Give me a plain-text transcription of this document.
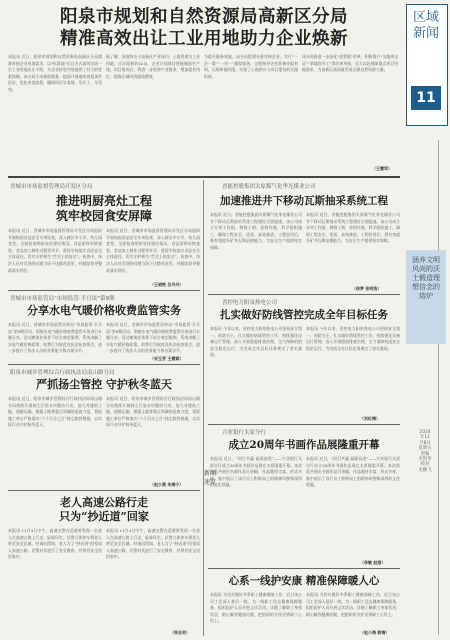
阳泉市规划和自然资源局高新区分局
精准高效出让工业用地助力企业焕新
本报讯 近日，阳泉市规划和自然资源局高新区分局精准对接企业用地需求，以“标准地”出让方式高效完成一宗工业用地出让手续，为企业转型升级提供了有力的要素保障。该分局主动靠前服务，提前开展地块规划条件论证，优化审批流程，确保项目早落地、早开工、早见效。
据了解，该地块位于高新区产业园内，土地用途为工业用地，出让面积约42亩，企业计划建设智能制造生产线。项目建成后，将进一步延伸产业链条，增加就业岗位，助推区域经济提质增效。
为提升服务效能，该分局组建专班对接企业，实行“一企一策”“一对一”跟踪服务，全程指导企业准备申报材料，压缩审批时限，实现了土地供应与项目建设的无缝衔接。
该分局将进一步深化“放管服”改革，积极推行“交地即交证”“拿地即开工”等改革举措，全力以赴保障重点项目用地需求，为高新区高质量发展贡献自然资源力量。
（王慧军）
晋城市市场监督管理局开发区分局
推进明厨亮灶工程
筑牢校园食安屏障
本报讯 近日，晋城市市场监督管理局开发区分局组织开展校园食品安全专项检查，深入辖区中小学、幼儿园食堂，全面检查明厨亮灶建设情况、食品原料采购查验、食品加工制作过程等环节，督促学校落实食品安全主体责任，切实守护师生“舌尖上的安全”。检查中，执法人员对发现的问题当场下达整改意见，并跟踪督导整改落实到位。
本报讯 近日，晋城市市场监督管理局开发区分局组织开展校园食品安全专项检查，深入辖区中小学、幼儿园食堂，全面检查明厨亮灶建设情况、食品原料采购查验、食品加工制作过程等环节，督促学校落实食品安全主体责任，切实守护师生“舌尖上的安全”。检查中，执法人员对发现的问题当场下达整改意见，并跟踪督导整改落实到位。
（王晓艳 吕丹丹）
晋城市市场监管局“市场监管·半月谈”第9期
分享水电气暖价格收费监管实务
本报讯 近日，晋城市市场监管局举办“市场监管·半月谈”第9期活动，围绕水电气暖价格收费监管实务进行专题分享。活动邀请业务骨干结合典型案例，系统讲解了水电气暖价格政策、收费行为规范及执法检查要点，进一步提升了执法人员的业务能力和办案水平。
本报讯 近日，晋城市市场监管局举办“市场监管·半月谈”第9期活动，围绕水电气暖价格收费监管实务进行专题分享。活动邀请业务骨干结合典型案例，系统讲解了水电气暖价格政策、收费行为规范及执法检查要点，进一步提升了执法人员的业务能力和办案水平。
（宋玉芳 王德斌）
阳泉市城乡管理综合行政执法局南山路分局
严抓扬尘管控 守护秋冬蓝天
本报讯 近日，阳泉市城乡管理综合行政执法局南山路分局持续开展扬尘污染专项整治行动，加大对建筑工地、道路运输、裸露土地等重点领域的巡查力度，督促施工单位严格落实“六个百分之百”扬尘防控措施，以实际行动守护秋冬蓝天。
本报讯 近日，阳泉市城乡管理综合行政执法局南山路分局持续开展扬尘污染专项整治行动，加大对建筑工地、道路运输、裸露土地等重点领域的巡查力度，督促施工单位严格落实“六个百分之百”扬尘防控措施，以实际行动守护秋冬蓝天。
（赵小燕 朱海宁）
老人高速公路行走
只为“抄近道”回家
本报讯 11月4日中午，高速交警在巡逻时发现一名老人在高速公路上行走，险象环生。民警立即停车将老人带至安全区域，经询问得知，老人为了“抄近道”回家误入高速公路。民警对其进行了安全教育，并将其安全送回家中。
本报讯 11月4日中午，高速交警在巡逻时发现一名老人在高速公路上行走，险象环生。民警立即停车将老人带至安全区域，经询问得知，老人为了“抄近道”回家误入高速公路。民警对其进行了安全教育，并将其安全送回家中。
（郑会英）
新闻速览
晋能控股集团太原煤气化华光煤业公司
加速推进井下移动瓦斯抽采系统工程
本报讯 近日，晋能控股集团太原煤气化华光煤业公司井下移动瓦斯抽采系统工程建设全面提速。该公司成立专项工作组，倒排工期、挂图作战，科学组织施工，确保工程安全、优质、高效推进。工程投用后，将有效提升矿井瓦斯治理能力，为安全生产提供坚实保障。
本报讯 近日，晋能控股集团太原煤气化华光煤业公司井下移动瓦斯抽采系统工程建设全面提速。该公司成立专项工作组，倒排工期、挂图作战，科学组织施工，确保工程安全、优质、高效推进。工程投用后，将有效提升矿井瓦斯治理能力，为安全生产提供坚实保障。
（侯梦 张明浩）
晋控电力阳泉热电公司
扎实做好防线管控完成全年目标任务
本报讯 今年以来，晋控电力阳泉热电公司坚持安全第一、预防为主，扎实做好防线管控工作，持续强化设备运行管理，深入开展隐患排查治理，全力保障机组安全稳定运行，为完成全年目标任务奠定了坚实基础。
本报讯 今年以来，晋控电力阳泉热电公司坚持安全第一、预防为主，扎实做好防线管控工作，持续强化设备运行管理，深入开展隐患排查治理，全力保障机组安全稳定运行，为完成全年目标任务奠定了坚实基础。
（刘红梅）
兴业银行太原分行
成立20周年书画作品展隆重开幕
本报讯 近日，“同行共赢 砥砺奋进”——兴业银行太原分行成立20周年书画作品展在太原隆重开幕。本次展览共展出书画作品百余幅，作品题材丰富、形式多样，集中展示了该行员工积极向上的精神风貌和深厚的文化底蕴。
本报讯 近日，“同行共赢 砥砺奋进”——兴业银行太原分行成立20周年书画作品展在太原隆重开幕。本次展览共展出书画作品百余幅，作品题材丰富、形式多样，集中展示了该行员工积极向上的精神风貌和深厚的文化底蕴。
（李敏 赵丽）
心系一线护安康 精准保障暖人心
本报讯 为切实做好冬季职工健康保障工作，近日该公司工会深入基层一线，为一线职工送去健康保障服务，组织医护人员开展义诊活动，详细了解职工身体状况，耐心解答健康问题，把组织的关怀送到职工心坎上。
本报讯 为切实做好冬季职工健康保障工作，近日该公司工会深入基层一线，为一线职工送去健康保障服务，组织医护人员开展义诊活动，详细了解职工身体状况，耐心解答健康问题，把组织的关怀送到职工心坎上。
（赵小海 郭梅）
区域新闻
11
涵养文明风尚的沃土锻造理想信念的熔炉
2024年11月8日 星期五 责编 李凯华 校对 史鹏飞
